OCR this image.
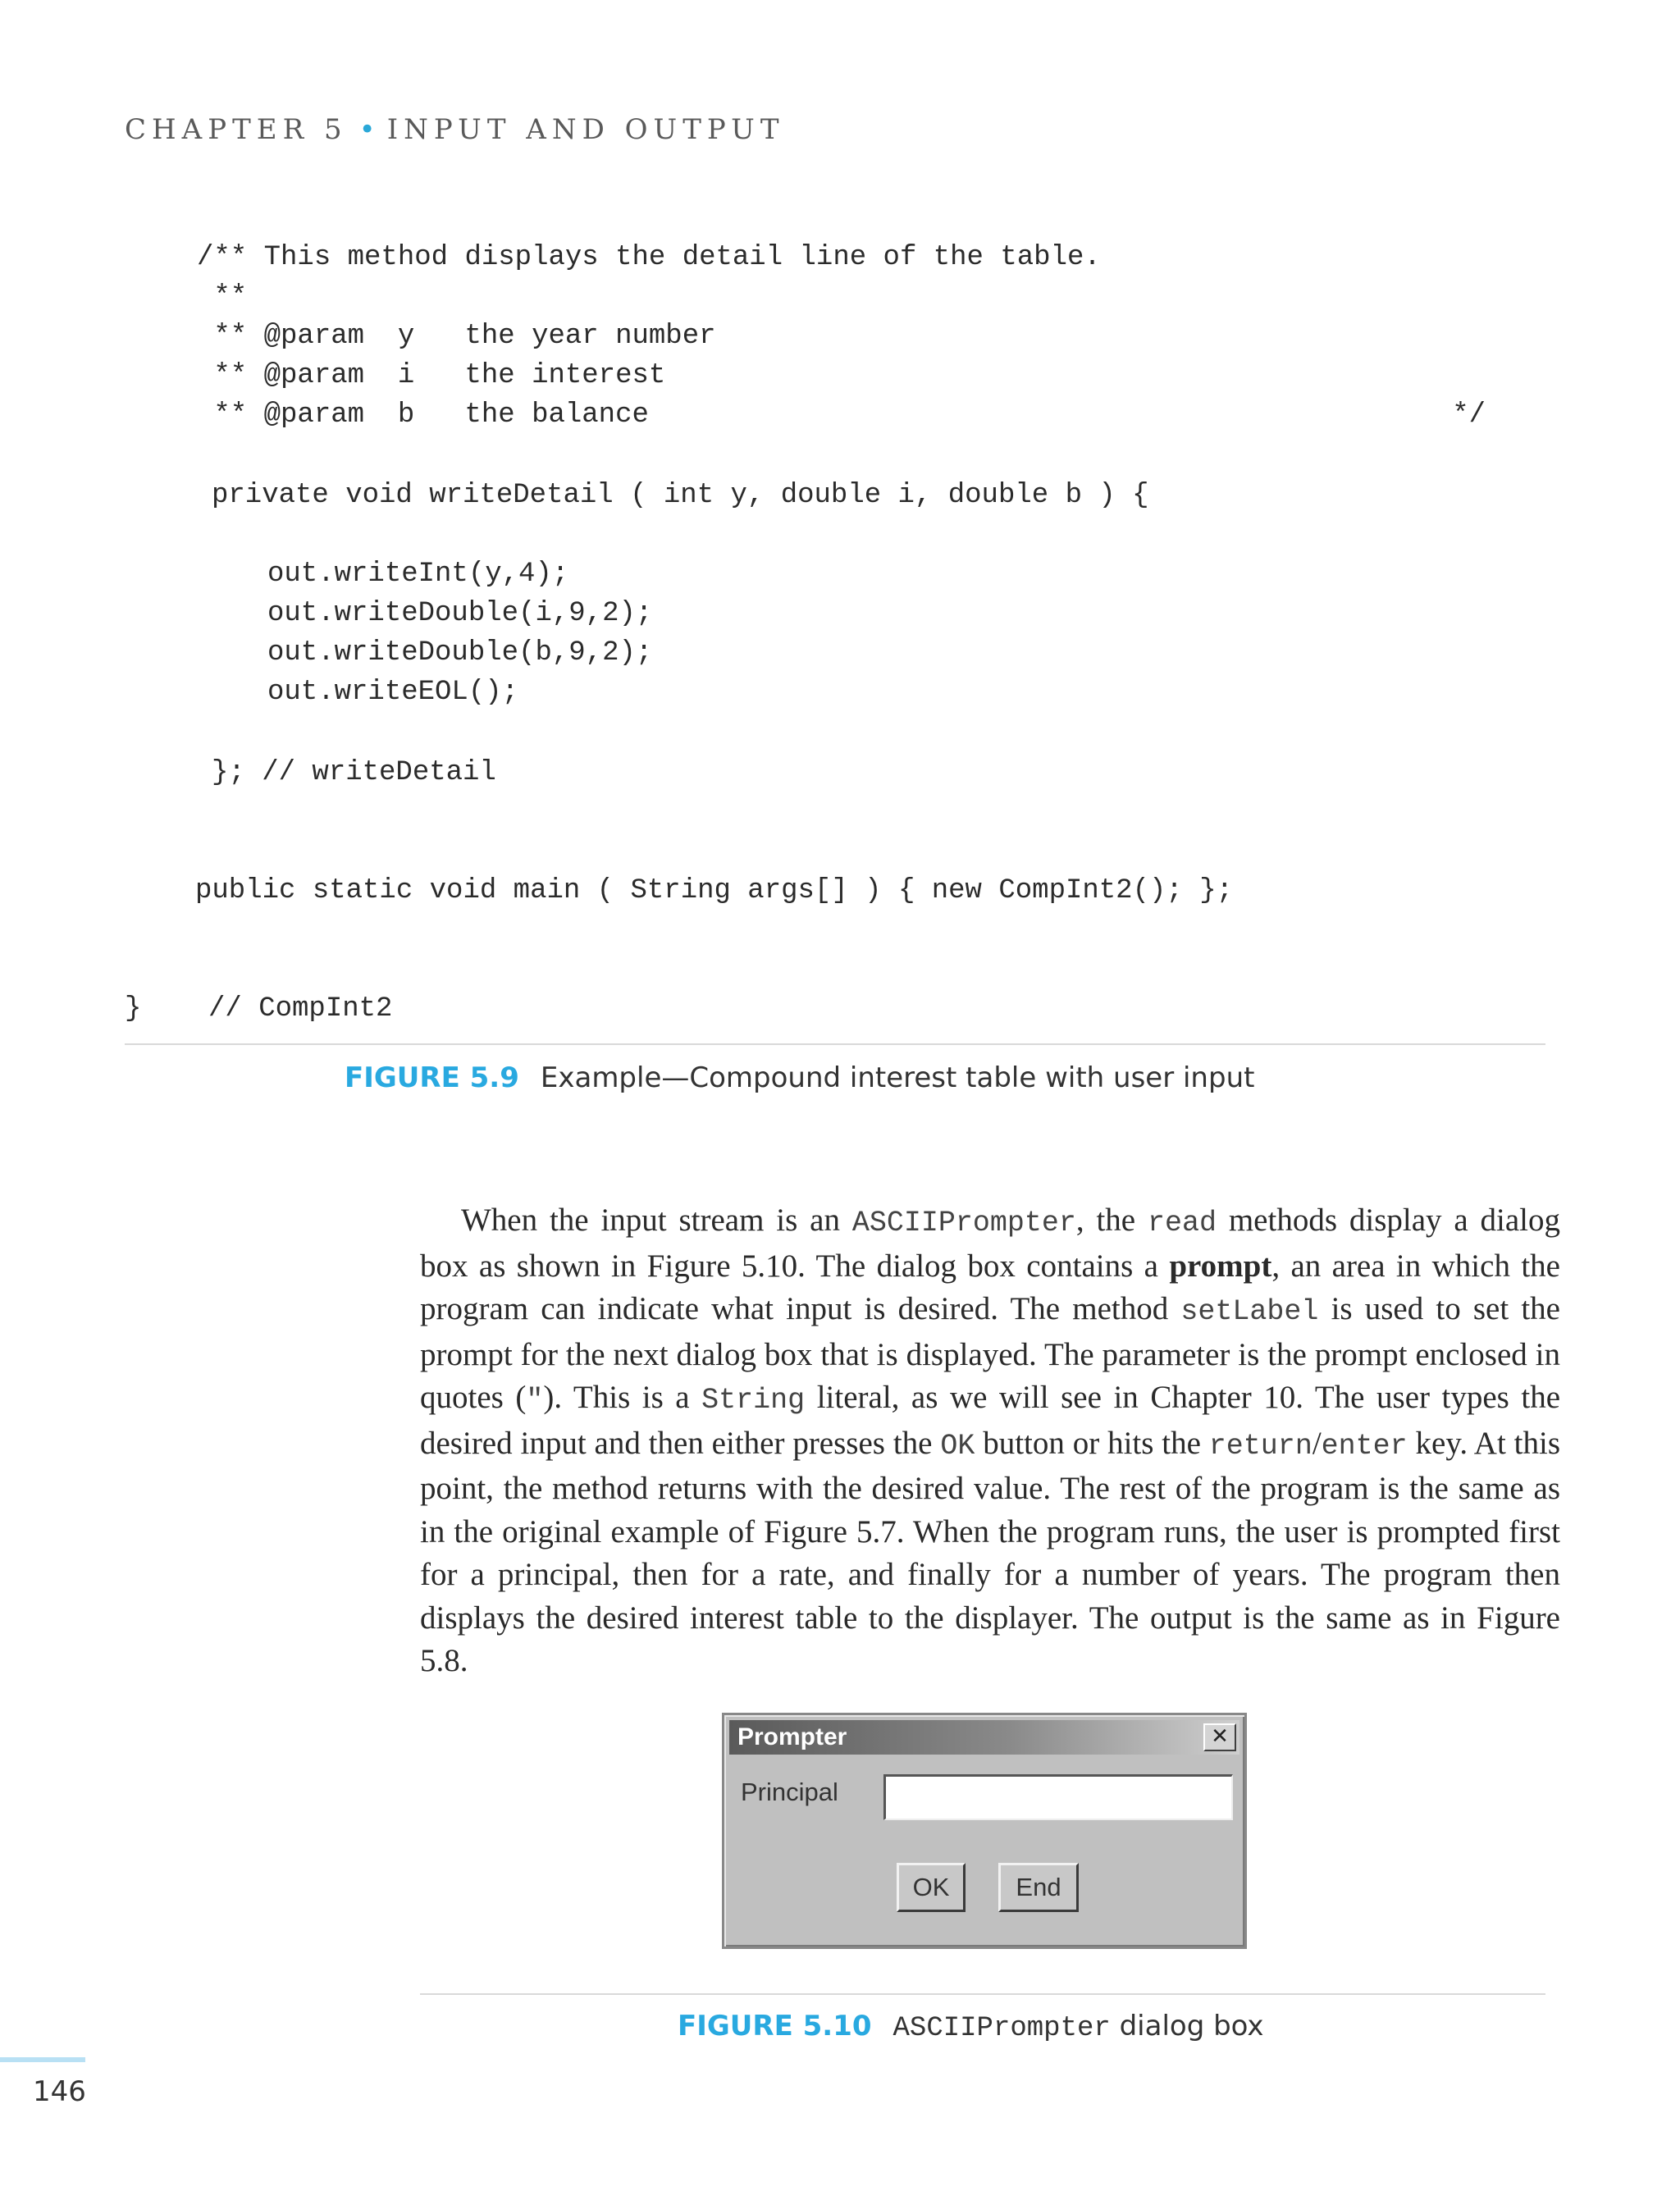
CHAPTER 5 • INPUT AND OUTPUT
/** This method displays the detail line of the table.
**
** @param  y   the year number
** @param  i   the interest
** @param  b   the balance                                                */
private void writeDetail ( int y, double i, double b ) {
out.writeInt(y,4);
out.writeDouble(i,9,2);
out.writeDouble(b,9,2);
out.writeEOL();
}; // writeDetail
public static void main ( String args[] ) { new CompInt2(); };
}    // CompInt2
FIGURE 5.9 Example—Compound interest table with user input
When the input stream is an ASCIIPrompter, the read methods display a dialog box as shown in Figure 5.10. The dialog box contains a prompt, an area in which the program can indicate what input is desired. The method setLabel is used to set the prompt for the next dialog box that is displayed. The parameter is the prompt enclosed in quotes ("). This is a String literal, as we will see in Chapter 10. The user types the desired input and then either presses the OK button or hits the return/enter key. At this point, the method returns with the desired value. The rest of the program is the same as in the original example of Figure 5.7. When the program runs, the user is prompted first for a principal, then for a rate, and finally for a number of years. The program then displays the desired interest table to the displayer. The output is the same as in Figure 5.8.
Prompter	✕
Principal
OK	End
FIGURE 5.10 ASCIIPrompter dialog box
146
